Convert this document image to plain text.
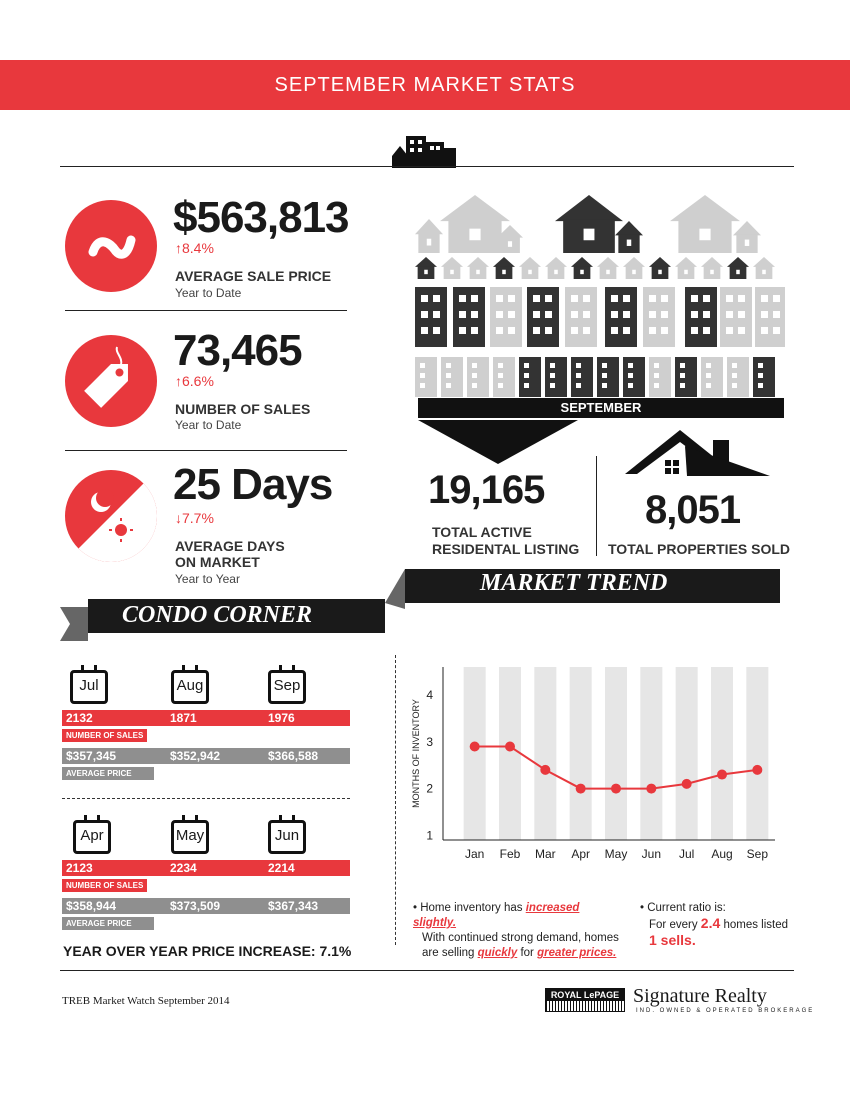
SEPTEMBER MARKET STATS
$563,813
↑8.4%
AVERAGE SALE PRICE
Year to Date
73,465
↑6.6%
NUMBER OF SALES
Year to Date
25 Days
↓7.7%
AVERAGE DAYS
ON MARKET
Year to Year
SEPTEMBER
19,165
TOTAL ACTIVE
RESIDENTAL LISTING
8,051
TOTAL PROPERTIES SOLD
MARKET TREND
CONDO CORNER
Jul	Aug	Sep
2132	1871	1976
NUMBER OF SALES
$357,345	$352,942	$366,588
AVERAGE PRICE
Apr	May	Jun
2123	2234	2214
NUMBER OF SALES
$358,944	$373,509	$367,343
AVERAGE PRICE
YEAR OVER YEAR PRICE INCREASE: 7.1%
Jan Feb Mar Apr May Jun Jul Aug Sep
1
2
3
4
MONTHS OF INVENTORY
• Home inventory has increased slightly.
With continued strong demand, homes
are selling quickly for greater prices.
• Current ratio is:
For every 2.4 homes listed
1 sells.
TREB Market Watch September 2014	ROYAL LePAGE Signature Realty
IND. OWNED & OPERATED BROKERAGE
